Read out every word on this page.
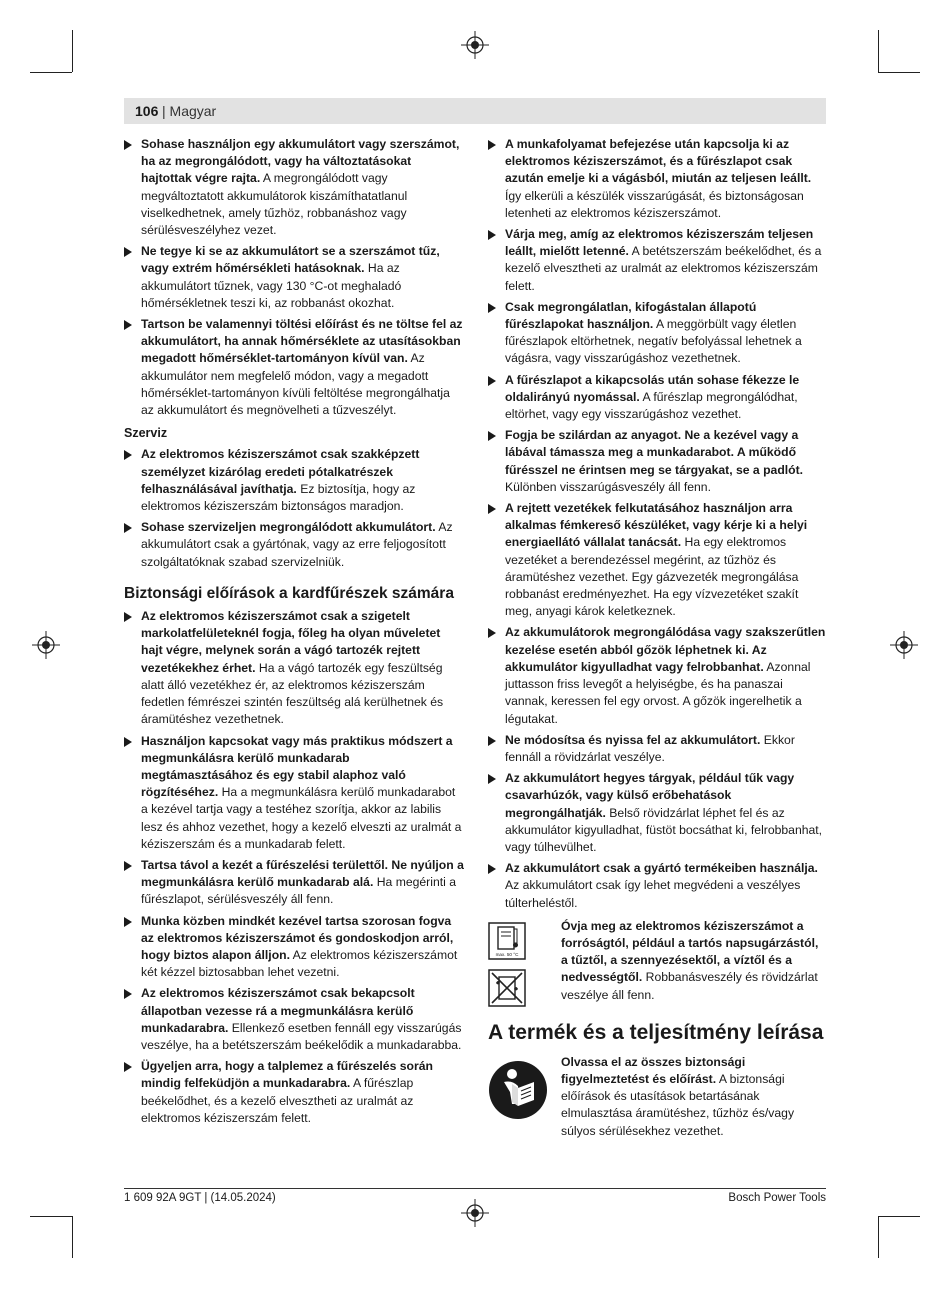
106 | Magyar
Sohase használjon egy akkumulátort vagy szerszámot, ha az megrongálódott, vagy ha változtatásokat hajtottak végre rajta. A megrongálódott vagy megváltoztatott akkumulátorok kiszámíthatatlanul viselkedhetnek, amely tűzhöz, robbanáshoz vagy sérülésveszélyhez vezet.
Ne tegye ki se az akkumulátort se a szerszámot tűz, vagy extrém hőmérsékleti hatásoknak. Ha az akkumulátort tűznek, vagy 130 °C-ot meghaladó hőmérsékletnek teszi ki, az robbanást okozhat.
Tartson be valamennyi töltési előírást és ne töltse fel az akkumulátort, ha annak hőmérséklete az utasításokban megadott hőmérséklet-tartományon kívül van. Az akkumulátor nem megfelelő módon, vagy a megadott hőmérséklet-tartományon kívüli feltöltése megrongálhatja az akkumulátort és megnövelheti a tűzveszélyt.
Szerviz
Az elektromos kéziszerszámot csak szakképzett személyzet kizárólag eredeti pótalkatrészek felhasználásával javíthatja. Ez biztosítja, hogy az elektromos kéziszerszám biztonságos maradjon.
Sohase szervizeljen megrongálódott akkumulátort. Az akkumulátort csak a gyártónak, vagy az erre feljogosított szolgáltatóknak szabad szervizelniük.
Biztonsági előírások a kardfűrészek számára
Az elektromos kéziszerszámot csak a szigetelt markolatfelületeknél fogja, főleg ha olyan műveletet hajt végre, melynek során a vágó tartozék rejtett vezetékekhez érhet. Ha a vágó tartozék egy feszültség alatt álló vezetékhez ér, az elektromos kéziszerszám fedetlen fémrészei szintén feszültség alá kerülhetnek és áramütéshez vezethetnek.
Használjon kapcsokat vagy más praktikus módszert a megmunkálásra kerülő munkadarab megtámasztásához és egy stabil alaphoz való rögzítéséhez. Ha a megmunkálásra kerülő munkadarabot a kezével tartja vagy a testéhez szorítja, akkor az labilis lesz és ahhoz vezethet, hogy a kezelő elveszti az uralmát a kéziszerszám és a munkadarab felett.
Tartsa távol a kezét a fűrészelési területtől. Ne nyúljon a megmunkálásra kerülő munkadarab alá. Ha megérinti a fűrészlapot, sérülésveszély áll fenn.
Munka közben mindkét kezével tartsa szorosan fogva az elektromos kéziszerszámot és gondoskodjon arról, hogy biztos alapon álljon. Az elektromos kéziszerszámot két kézzel biztosabban lehet vezetni.
Az elektromos kéziszerszámot csak bekapcsolt állapotban vezesse rá a megmunkálásra kerülő munkadarabra. Ellenkező esetben fennáll egy visszarúgás veszélye, ha a betétszerszám beékelődik a munkadarabba.
Ügyeljen arra, hogy a talplemez a fűrészelés során mindig felfeküdjön a munkadarabra. A fűrészlap beékelődhet, és a kezelő elvesztheti az uralmát az elektromos kéziszerszám felett.
A munkafolyamat befejezése után kapcsolja ki az elektromos kéziszerszámot, és a fűrészlapot csak azután emelje ki a vágásból, miután az teljesen leállt. Így elkerüli a készülék visszarúgását, és biztonságosan letenheti az elektromos kéziszerszámot.
Várja meg, amíg az elektromos kéziszerszám teljesen leállt, mielőtt letenné. A betétszerszám beékelődhet, és a kezelő elvesztheti az uralmát az elektromos kéziszerszám felett.
Csak megrongálatlan, kifogástalan állapotú fűrészlapokat használjon. A meggörbült vagy életlen fűrészlapok eltörhetnek, negatív befolyással lehetnek a vágásra, vagy visszarúgáshoz vezethetnek.
A fűrészlapot a kikapcsolás után sohase fékezze le oldalirányú nyomással. A fűrészlap megrongálódhat, eltörhet, vagy egy visszarúgáshoz vezethet.
Fogja be szilárdan az anyagot. Ne a kezével vagy a lábával támassza meg a munkadarabot. A működő fűrésszel ne érintsen meg se tárgyakat, se a padlót. Különben visszarúgásveszély áll fenn.
A rejtett vezetékek felkutatásához használjon arra alkalmas fémkereső készüléket, vagy kérje ki a helyi energiaellátó vállalat tanácsát. Ha egy elektromos vezetéket a berendezéssel megérint, az tűzhöz és áramütéshez vezethet. Egy gázvezeték megrongálása robbanást eredményezhet. Ha egy vízvezetéket szakít meg, anyagi károk keletkeznek.
Az akkumulátorok megrongálódása vagy szakszerűtlen kezelése esetén abból gőzök léphetnek ki. Az akkumulátor kigyulladhat vagy felrobbanhat. Azonnal juttasson friss levegőt a helyiségbe, és ha panaszai vannak, keressen fel egy orvost. A gőzök ingerelhetik a légutakat.
Ne módosítsa és nyissa fel az akkumulátort. Ekkor fennáll a rövidzárlat veszélye.
Az akkumulátort hegyes tárgyak, például tűk vagy csavarhúzók, vagy külső erőbehatások megrongálhatják. Belső rövidzárlat léphet fel és az akkumulátor kigyulladhat, füstöt bocsáthat ki, felrobbanhat, vagy túlhevülhet.
Az akkumulátort csak a gyártó termékeiben használja. Az akkumulátort csak így lehet megvédeni a veszélyes túlterheléstől.
max. 50 °C

Óvja meg az elektromos kéziszerszámot a forróságtól, például a tartós napsugárzástól, a tűztől, a szennyezésektől, a víztől és a nedvességtől. Robbanásveszély és rövidzárlat veszélye áll fenn.
A termék és a teljesítmény leírása
Olvassa el az összes biztonsági figyelmeztetést és előírást. A biztonsági előírások és utasítások betartásának elmulasztása áramütéshez, tűzhöz és/vagy súlyos sérülésekhez vezethet.
1 609 92A 9GT | (14.05.2024)	Bosch Power Tools
